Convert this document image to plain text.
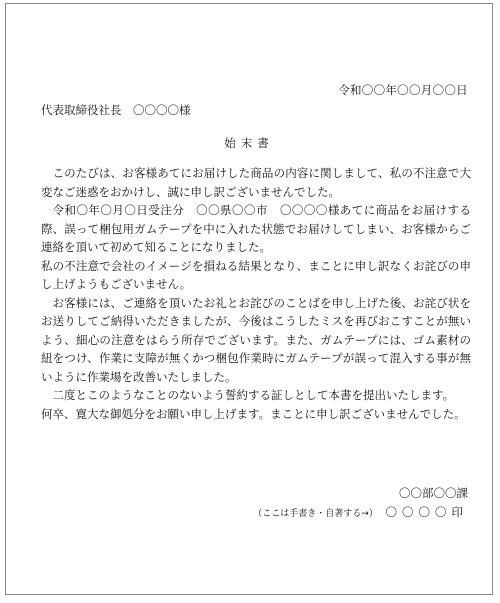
令和〇〇年〇〇月〇〇日
代表取締役社長　〇〇〇〇様
始末書

このたびは、お客様あてにお届けした商品の内容に関しまして、私の不注意で大変なご迷惑をおかけし、誠に申し訳ございませんでした。

令和〇年〇月〇日受注分　〇〇県〇〇市　〇〇〇〇様あてに商品をお届けする際、誤って梱包用ガムテープを中に入れた状態でお届けしてしまい、お客様からご連絡を頂いて初めて知ることになりました。

私の不注意で会社のイメージを損ねる結果となり、まことに申し訳なくお詫びの申し上げようもございません。

お客様には、ご連絡を頂いたお礼とお詫びのことばを申し上げた後、お詫び状をお送りしてご納得いただきましたが、今後はこうしたミスを再びおこすことが無いよう、細心の注意をはらう所存でございます。また、ガムテープには、ゴム素材の紐をつけ、作業に支障が無くかつ梱包作業時にガムテープが誤って混入する事が無いように作業場を改善いたしました。

二度とこのようなことのないよう誓約する証しとして本書を提出いたします。

何卒、寛大な御処分をお願い申し上げます。まことに申し訳ございませんでした。

〇〇部〇〇課
（ここは手書き・自著する→） 〇〇〇〇印
